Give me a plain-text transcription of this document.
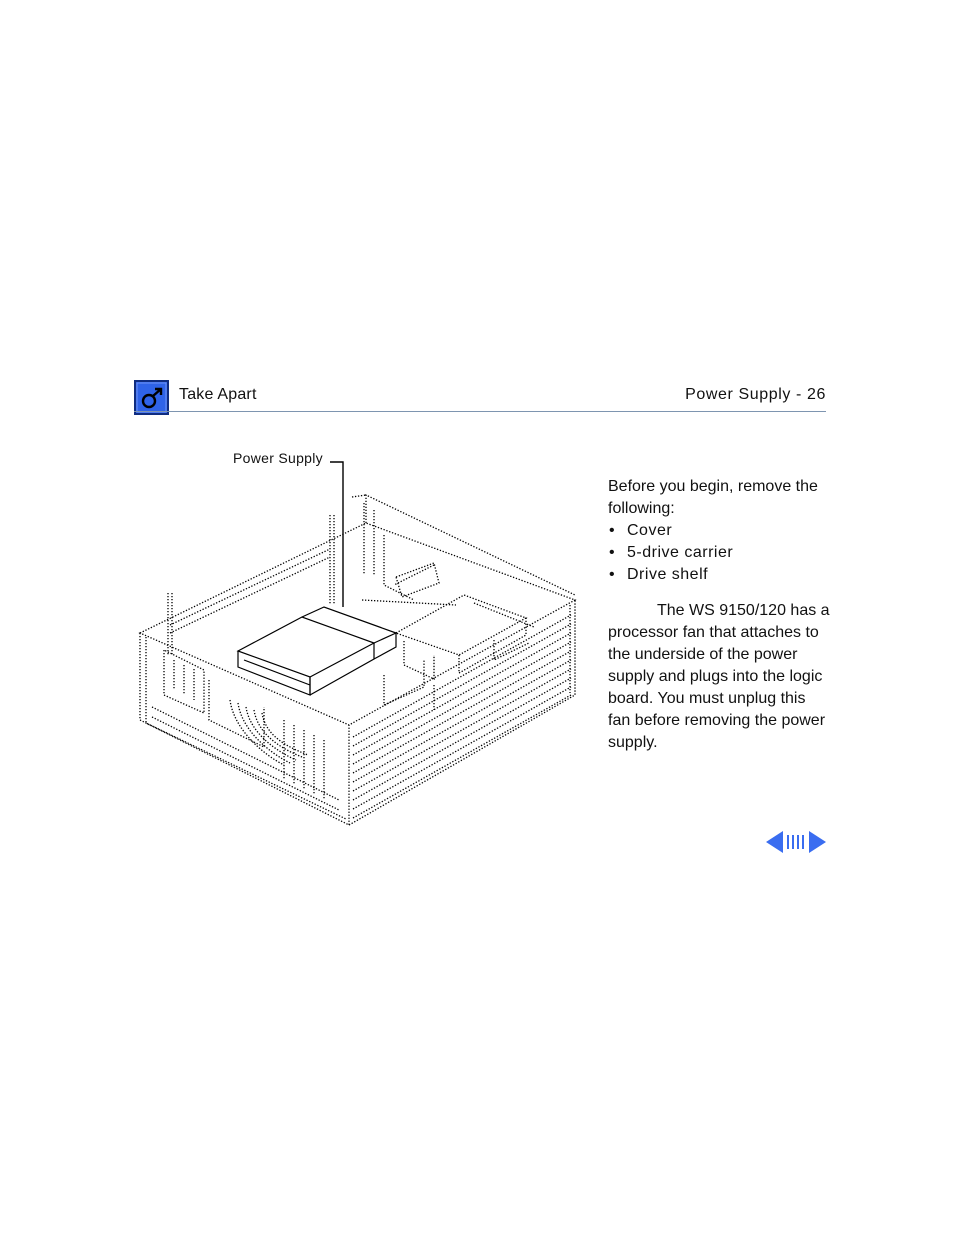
Take Apart	Power Supply - 26
Power Supply

Before you begin, remove the following:

• Cover
• 5-drive carrier
• Drive shelf

The WS 9150/120 has a processor fan that attaches to the underside of the power supply and plugs into the logic board. You must unplug this fan before removing the power supply.
